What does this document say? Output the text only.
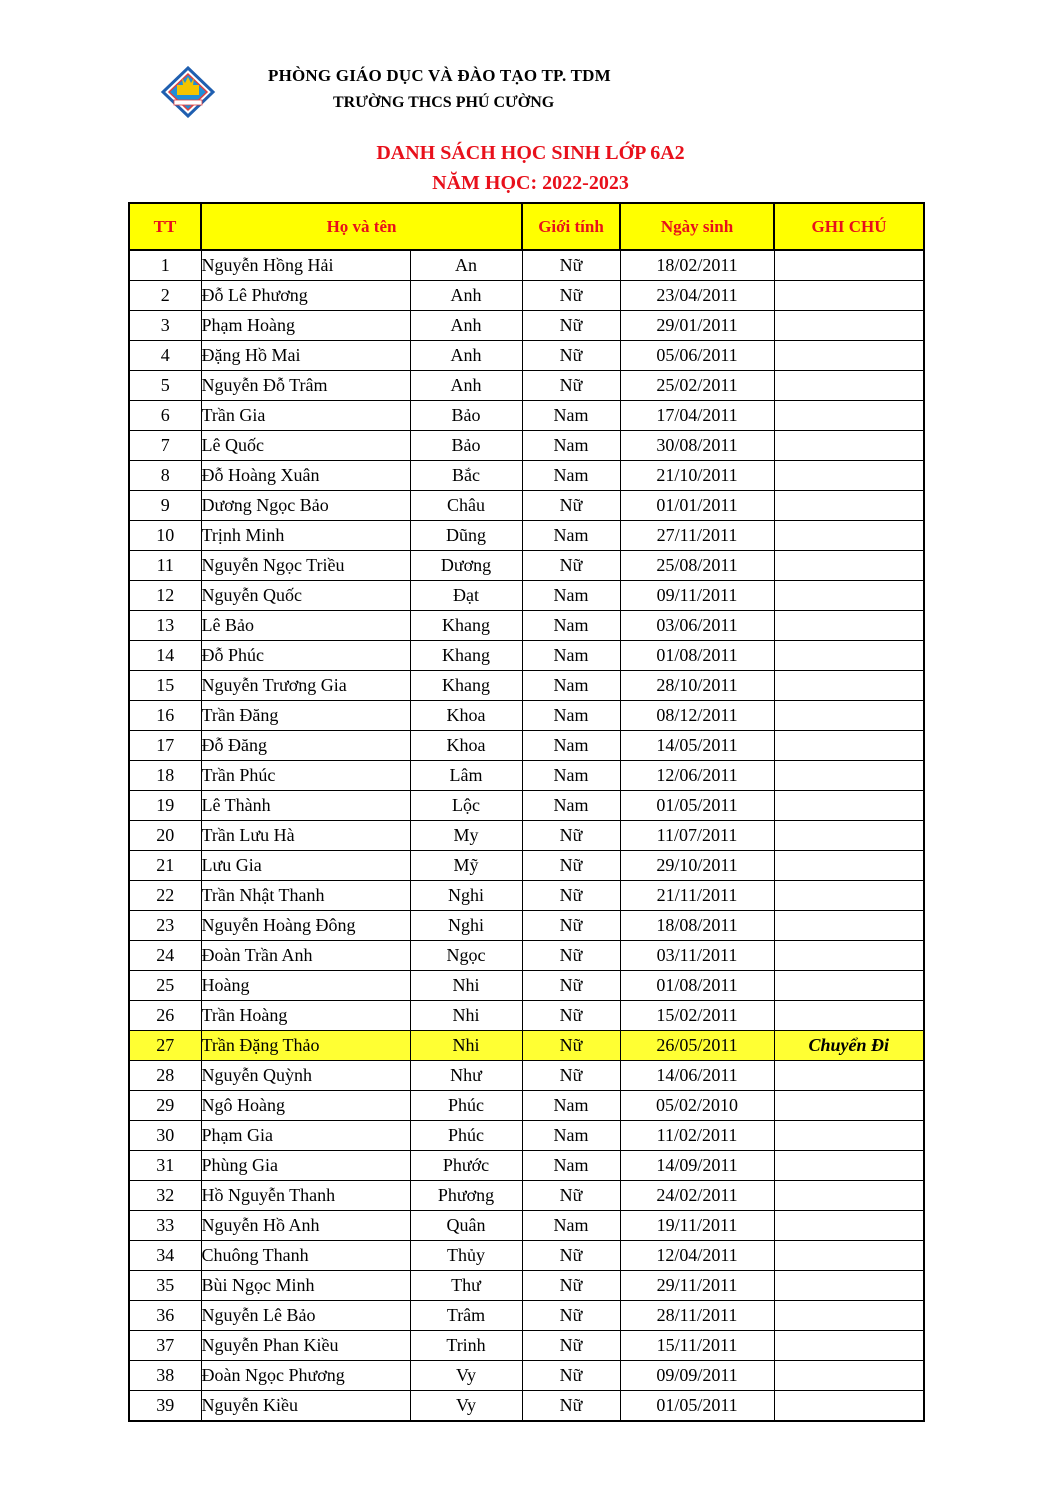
PHÒNG GIÁO DỤC VÀ ĐÀO TẠO TP. TDM
TRƯỜNG THCS PHÚ CƯỜNG
DANH SÁCH HỌC SINH LỚP 6A2
NĂM HỌC: 2022-2023
TT	Họ và tên		Giới tính	Ngày sinh	GHI CHÚ
1	Nguyễn Hồng Hải	An	Nữ	18/02/2011	
2	Đỗ Lê Phương	Anh	Nữ	23/04/2011	
3	Phạm Hoàng	Anh	Nữ	29/01/2011	
4	Đặng Hồ Mai	Anh	Nữ	05/06/2011	
5	Nguyễn Đỗ Trâm	Anh	Nữ	25/02/2011	
6	Trần Gia	Bảo	Nam	17/04/2011	
7	Lê Quốc	Bảo	Nam	30/08/2011	
8	Đỗ Hoàng Xuân	Bắc	Nam	21/10/2011	
9	Dương Ngọc Bảo	Châu	Nữ	01/01/2011	
10	Trịnh Minh	Dũng	Nam	27/11/2011	
11	Nguyễn Ngọc Triều	Dương	Nữ	25/08/2011	
12	Nguyễn Quốc	Đạt	Nam	09/11/2011	
13	Lê Bảo	Khang	Nam	03/06/2011	
14	Đỗ Phúc	Khang	Nam	01/08/2011	
15	Nguyễn Trương Gia	Khang	Nam	28/10/2011	
16	Trần Đăng	Khoa	Nam	08/12/2011	
17	Đỗ Đăng	Khoa	Nam	14/05/2011	
18	Trần Phúc	Lâm	Nam	12/06/2011	
19	Lê Thành	Lộc	Nam	01/05/2011	
20	Trần Lưu Hà	My	Nữ	11/07/2011	
21	Lưu Gia	Mỹ	Nữ	29/10/2011	
22	Trần Nhật Thanh	Nghi	Nữ	21/11/2011	
23	Nguyễn Hoàng Đông	Nghi	Nữ	18/08/2011	
24	Đoàn Trần Anh	Ngọc	Nữ	03/11/2011	
25	Hoàng	Nhi	Nữ	01/08/2011	
26	Trần Hoàng	Nhi	Nữ	15/02/2011	
27	Trần Đặng Thảo	Nhi	Nữ	26/05/2011	Chuyển Đi
28	Nguyễn Quỳnh	Như	Nữ	14/06/2011	
29	Ngô Hoàng	Phúc	Nam	05/02/2010	
30	Phạm Gia	Phúc	Nam	11/02/2011	
31	Phùng Gia	Phước	Nam	14/09/2011	
32	Hồ Nguyễn Thanh	Phương	Nữ	24/02/2011	
33	Nguyễn Hồ Anh	Quân	Nam	19/11/2011	
34	Chuông Thanh	Thủy	Nữ	12/04/2011	
35	Bùi Ngọc Minh	Thư	Nữ	29/11/2011	
36	Nguyễn Lê Bảo	Trâm	Nữ	28/11/2011	
37	Nguyễn Phan Kiều	Trinh	Nữ	15/11/2011	
38	Đoàn Ngọc Phương	Vy	Nữ	09/09/2011	
39	Nguyễn Kiều	Vy	Nữ	01/05/2011	
